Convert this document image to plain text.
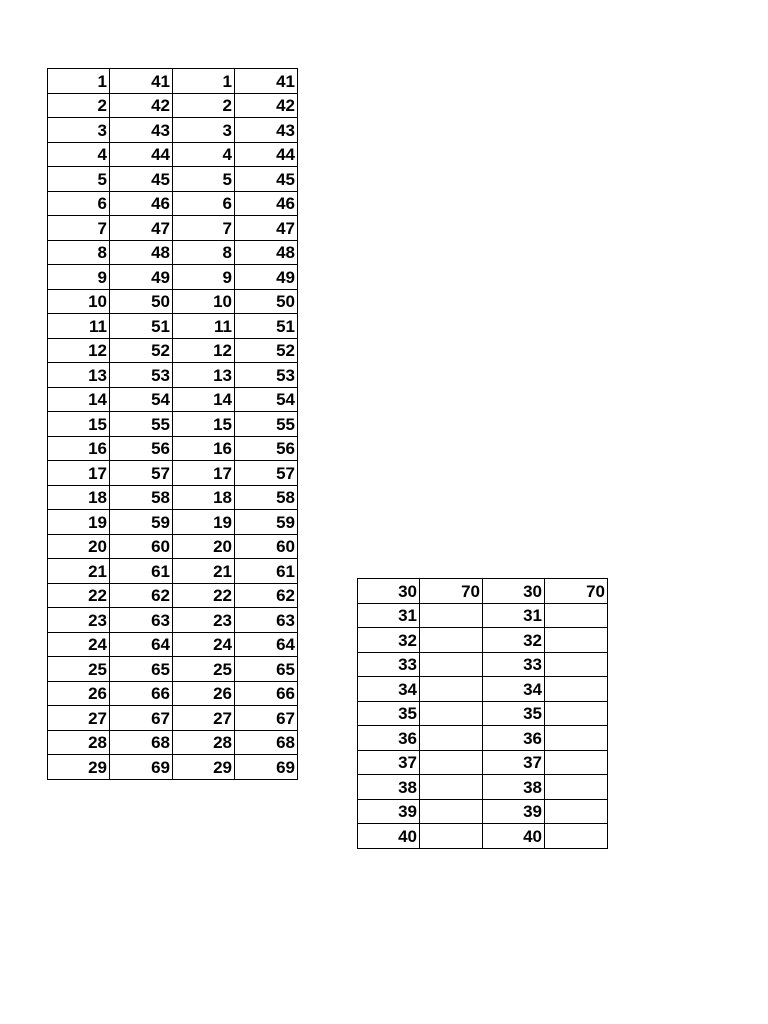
1	41	1	41
2	42	2	42
3	43	3	43
4	44	4	44
5	45	5	45
6	46	6	46
7	47	7	47
8	48	8	48
9	49	9	49
10	50	10	50
11	51	11	51
12	52	12	52
13	53	13	53
14	54	14	54
15	55	15	55
16	56	16	56
17	57	17	57
18	58	18	58
19	59	19	59
20	60	20	60
21	61	21	61
22	62	22	62
23	63	23	63
24	64	24	64
25	65	25	65
26	66	26	66
27	67	27	67
28	68	28	68
29	69	29	69
30	70	30	70
31		31	
32		32	
33		33	
34		34	
35		35	
36		36	
37		37	
38		38	
39		39	
40		40	
